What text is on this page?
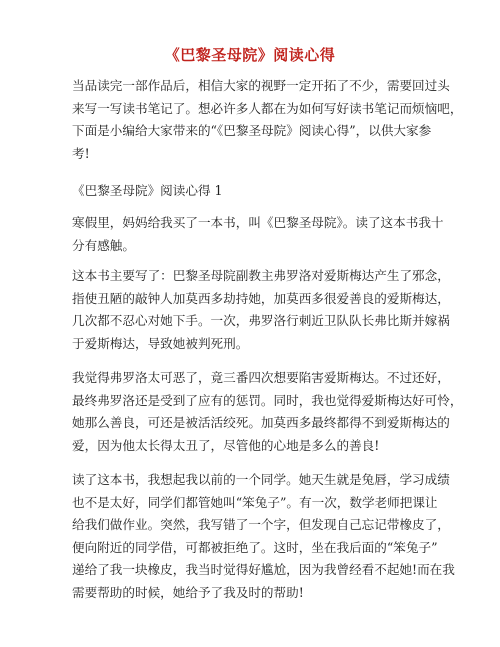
《巴黎圣母院》阅读心得
当品读完一部作品后，相信大家的视野一定开拓了不少，需要回过头
来写一写读书笔记了。想必许多人都在为如何写好读书笔记而烦恼吧，
下面是小编给大家带来的“《巴黎圣母院》阅读心得”，以供大家参
考!
《巴黎圣母院》阅读心得 1
寒假里，妈妈给我买了一本书，叫《巴黎圣母院》。读了这本书我十
分有感触。
这本书主要写了：巴黎圣母院副教主弗罗洛对爱斯梅达产生了邪念，
指使丑陋的敲钟人加莫西多劫持她，加莫西多很爱善良的爱斯梅达，
几次都不忍心对她下手。一次，弗罗洛行刺近卫队队长弗比斯并嫁祸
于爱斯梅达，导致她被判死刑。
我觉得弗罗洛太可恶了，竟三番四次想要陷害爱斯梅达。不过还好，
最终弗罗洛还是受到了应有的惩罚。同时，我也觉得爱斯梅达好可怜，
她那么善良，可还是被活活绞死。加莫西多最终都得不到爱斯梅达的
爱，因为他太长得太丑了，尽管他的心地是多么的善良!
读了这本书，我想起我以前的一个同学。她天生就是兔唇，学习成绩
也不是太好，同学们都管她叫“笨兔子”。有一次，数学老师把课让
给我们做作业。突然，我写错了一个字，但发现自己忘记带橡皮了，
便向附近的同学借，可都被拒绝了。这时，坐在我后面的“笨兔子”
递给了我一块橡皮，我当时觉得好尴尬，因为我曾经看不起她!而在我
需要帮助的时候，她给予了我及时的帮助!
